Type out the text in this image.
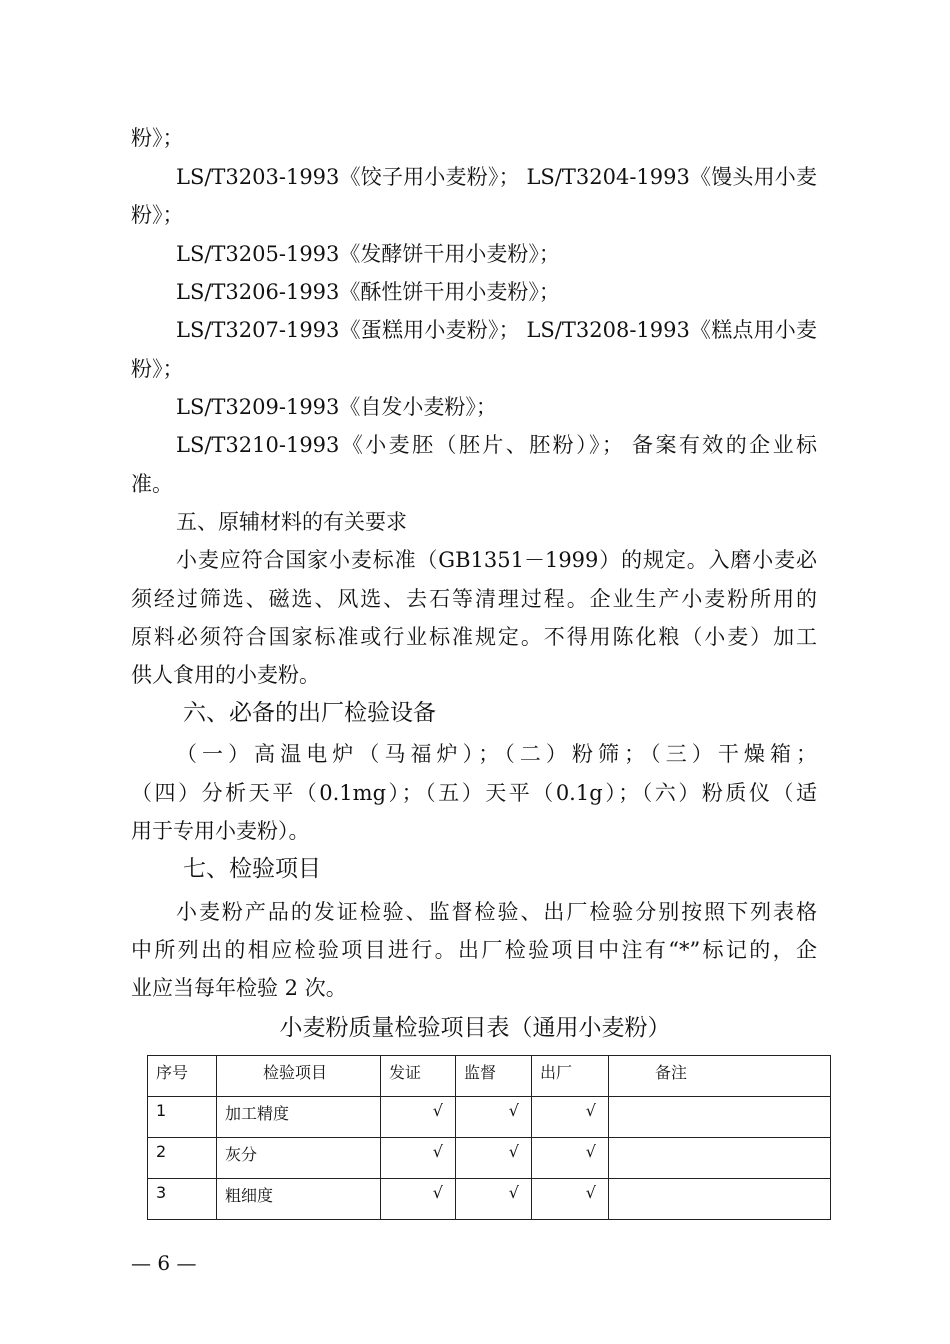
粉》；
LS/T3203-1993《饺子用小麦粉》； LS/T3204-1993《馒头用小麦
粉》；
LS/T3205-1993《发酵饼干用小麦粉》；
LS/T3206-1993《酥性饼干用小麦粉》；
LS/T3207-1993《蛋糕用小麦粉》； LS/T3208-1993《糕点用小麦
粉》；
LS/T3209-1993《自发小麦粉》；
LS/T3210-1993《小麦胚（胚片、胚粉）》； 备案有效的企业标
准。
五、原辅材料的有关要求
小麦应符合国家小麦标准（GB1351－1999）的规定。入磨小麦必
须经过筛选、磁选、风选、去石等清理过程。企业生产小麦粉所用的
原料必须符合国家标准或行业标准规定。不得用陈化粮（小麦）加工
供人食用的小麦粉。
六、必备的出厂检验设备
（一）高温电炉（马福炉）；（二）粉筛；（三）干燥箱；
（四）分析天平（0.1mg）；（五）天平（0.1g）；（六）粉质仪（适
用于专用小麦粉）。
七、检验项目
小麦粉产品的发证检验、监督检验、出厂检验分别按照下列表格
中所列出的相应检验项目进行。出厂检验项目中注有“*”标记的，企
业应当每年检验 2 次。
小麦粉质量检验项目表（通用小麦粉）
序号	检验项目	发证	监督	出厂	备注
1	加工精度	√	√	√	
2	灰分	√	√	√	
3	粗细度	√	√	√	
— 6 —
